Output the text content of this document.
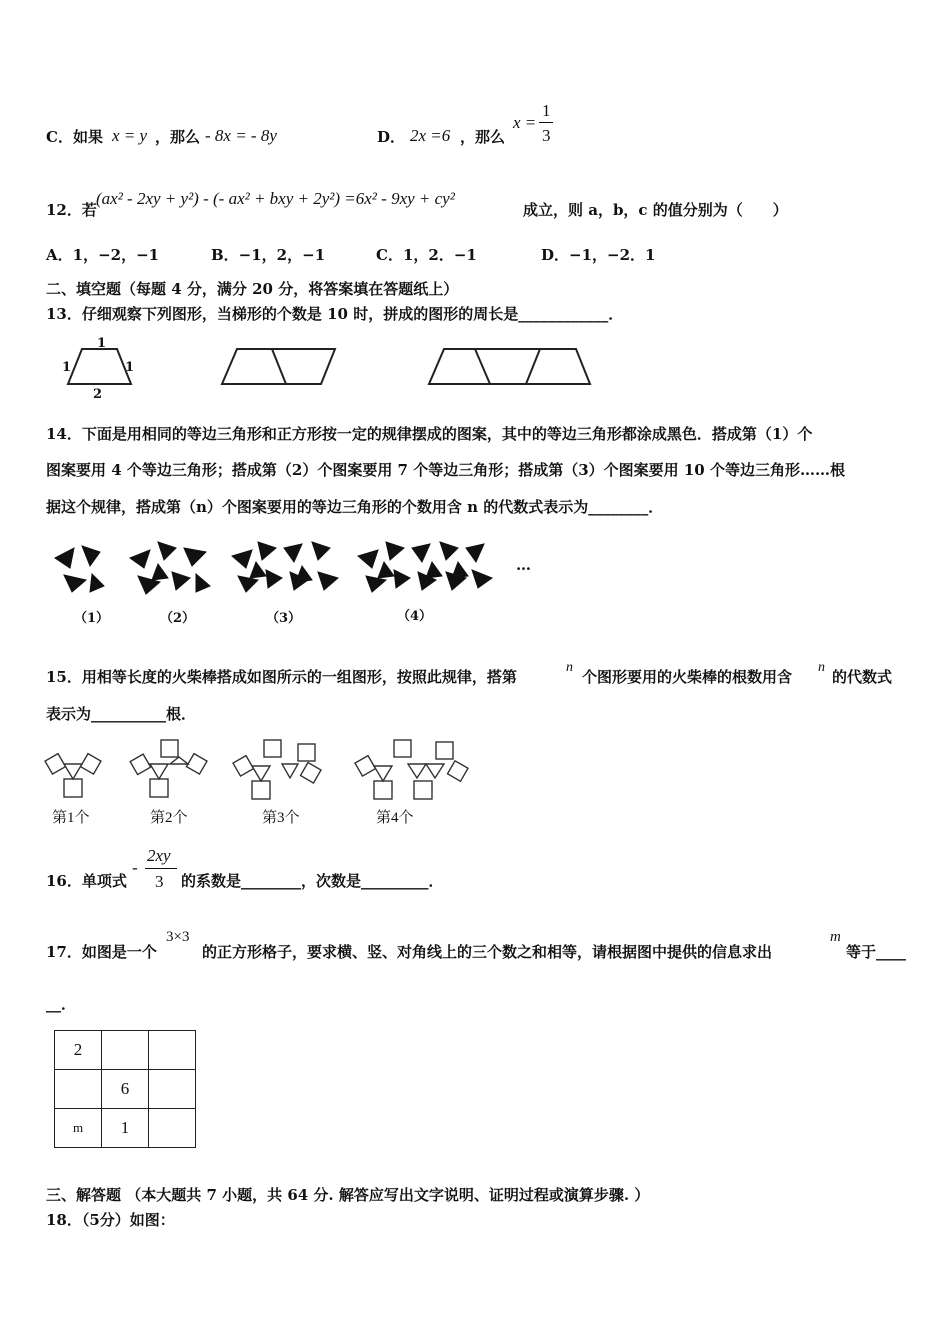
C．如果 x = y ，那么 - 8x = - 8y	D． 2x =6 ，那么
x =
1
3
12．若
(ax² - 2xy + y²) - (- ax² + bxy + 2y²) =6x² - 9xy + cy²
成立，则 a，b，c 的值分别为（　　）
A．1，−2，−1	B．−1，2，−1	C．1，2．−1	D．−1，−2．1
二、填空题（每题 4 分，满分 20 分，将答案填在答题纸上）
13．仔细观察下列图形，当梯形的个数是 10 时，拼成的图形的周长是____________．
1
1	1
2
14．下面是用相同的等边三角形和正方形按一定的规律摆成的图案，其中的等边三角形都涂成黑色．搭成第（1）个
图案要用 4 个等边三角形；搭成第（2）个图案要用 7 个等边三角形；搭成第（3）个图案要用 10 个等边三角形……根
据这个规律，搭成第（n）个图案要用的等边三角形的个数用含 n 的代数式表示为________．
…
（1）	（2）	（3）	（4）
15．用相等长度的火柴棒搭成如图所示的一组图形，按照此规律，搭第
n
个图形要用的火柴棒的根数用含
n
的代数式
表示为__________根．
第1个	第2个	第3个	第4个
16．单项式
-
2xy
3 的系数是________，次数是_________．
17．如图是一个
3×3
的正方形格子，要求横、竖、对角线上的三个数之和相等，请根据图中提供的信息求出
m
等于____
__．
2		
	6	
m	1	
三、解答题 （本大题共 7 小题，共 64 分. 解答应写出文字说明、证明过程或演算步骤. ）
18．（5分）如图：
